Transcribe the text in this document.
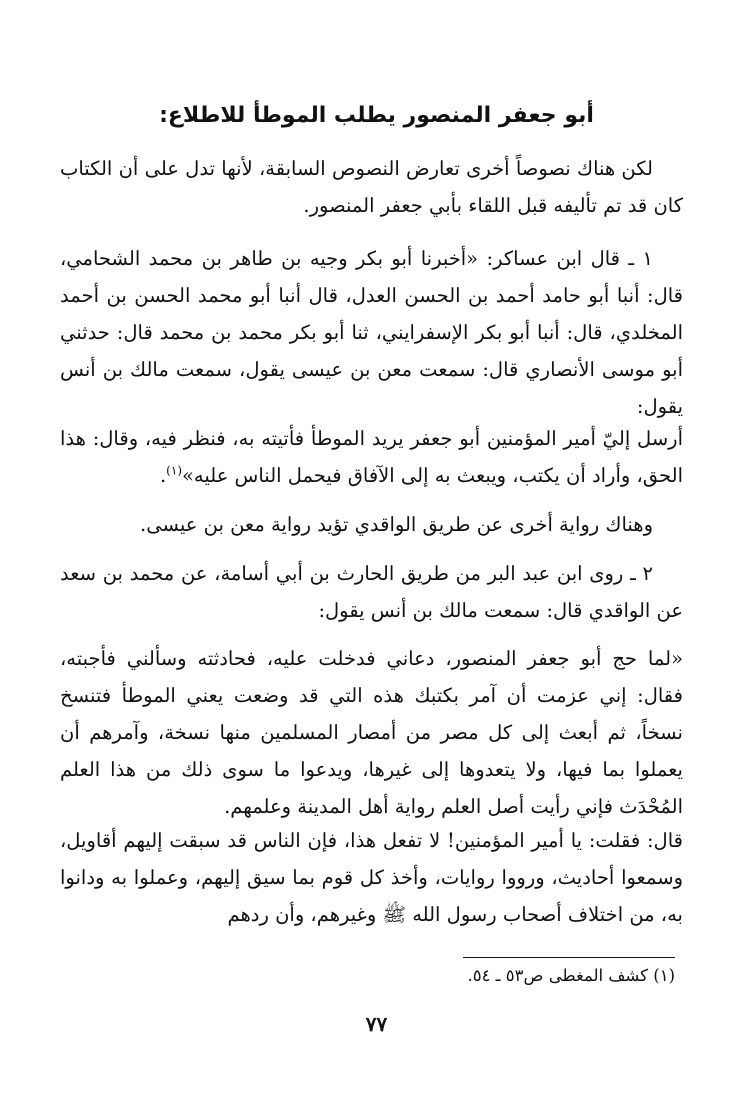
أبو جعفر المنصور يطلب الموطأ للاطلاع:

لكن هناك نصوصاً أخرى تعارض النصوص السابقة، لأنها تدل على أن الكتاب كان قد تم تأليفه قبل اللقاء بأبي جعفر المنصور.

١ ـ قال ابن عساكر: «أخبرنا أبو بكر وجيه بن طاهر بن محمد الشحامي، قال: أنبا أبو حامد أحمد بن الحسن العدل، قال أنبا أبو محمد الحسن بن أحمد المخلدي، قال: أنبا أبو بكر الإسفرايني، ثنا أبو بكر محمد بن محمد قال: حدثني أبو موسى الأنصاري قال: سمعت معن بن عيسى يقول، سمعت مالك بن أنس يقول:

أرسل إليّ أمير المؤمنين أبو جعفر يريد الموطأ فأتيته به، فنظر فيه، وقال: هذا الحق، وأراد أن يكتب، ويبعث به إلى الآفاق فيحمل الناس عليه»$^{(١)}$.

وهناك رواية أخرى عن طريق الواقدي تؤيد رواية معن بن عيسى.

٢ ـ روى ابن عبد البر من طريق الحارث بن أبي أسامة، عن محمد بن سعد عن الواقدي قال: سمعت مالك بن أنس يقول:

«لما حج أبو جعفر المنصور، دعاني فدخلت عليه، فحادثته وسألني فأجبته، فقال: إني عزمت أن آمر بكتبك هذه التي قد وضعت يعني الموطأ فتنسخ نسخاً، ثم أبعث إلى كل مصر من أمصار المسلمين منها نسخة، وآمرهم أن يعملوا بما فيها، ولا يتعدوها إلى غيرها، ويدعوا ما سوى ذلك من هذا العلم المُحْدَث فإني رأيت أصل العلم رواية أهل المدينة وعلمهم.

قال: فقلت: يا أمير المؤمنين! لا تفعل هذا، فإن الناس قد سبقت إليهم أقاويل، وسمعوا أحاديث، ورووا روايات، وأخذ كل قوم بما سيق إليهم، وعملوا به ودانوا به، من اختلاف أصحاب رسول الله ﷺ وغيرهم، وأن ردهم

(١) كشف المغطى ص٥٣ ـ ٥٤.

٧٧
